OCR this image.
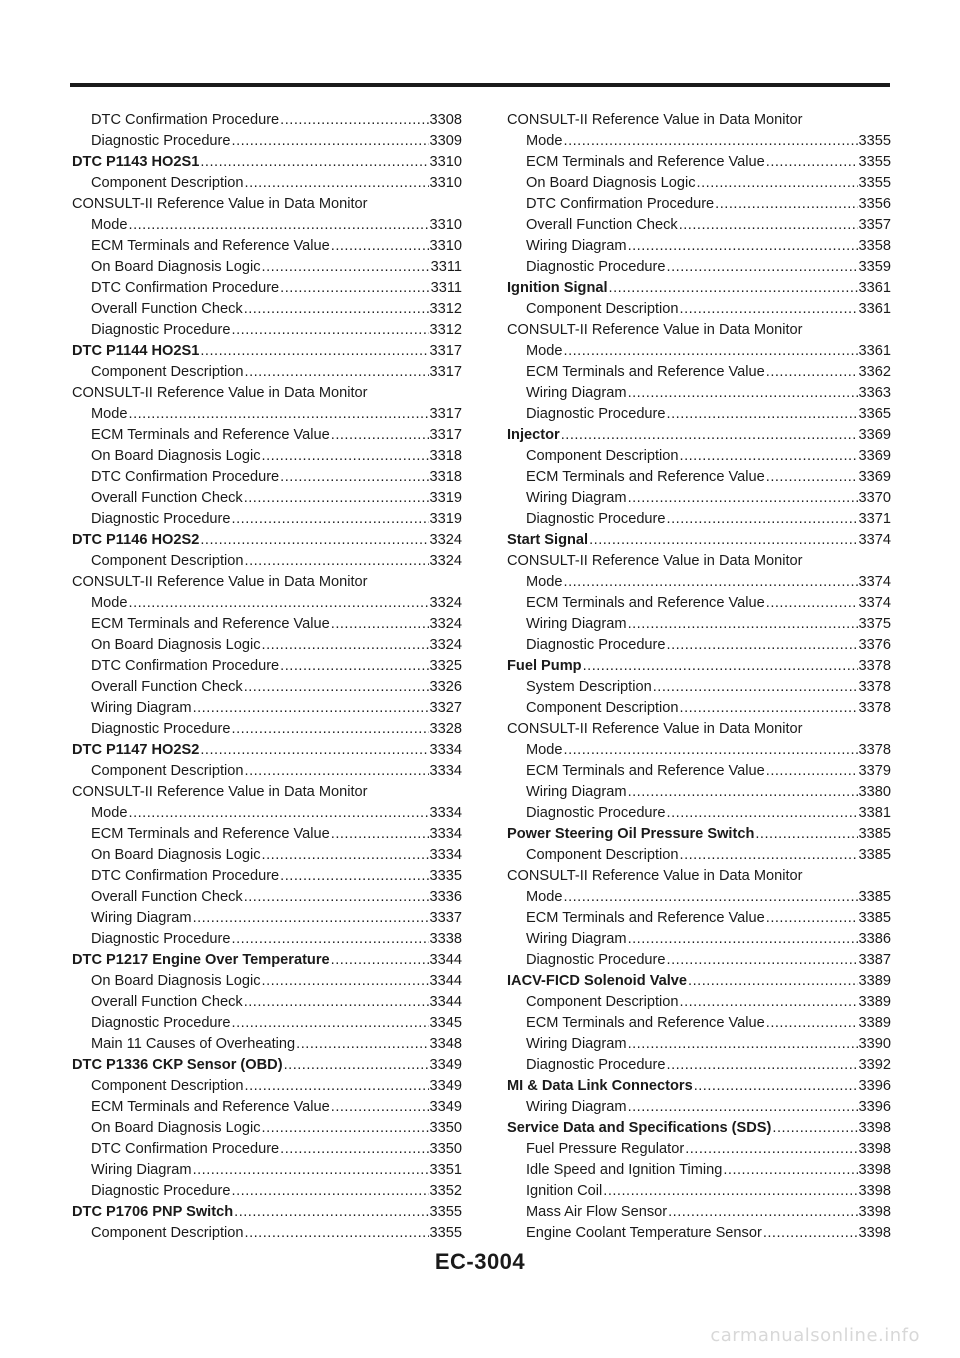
DTC Confirmation Procedure .....	3308
Diagnostic Procedure .....	3309
DTC P1143 HO2S1 .....	3310
Component Description .....	3310
CONSULT-II Reference Value in Data Monitor
Mode .....	3310
ECM Terminals and Reference Value .....	3310
On Board Diagnosis Logic .....	3311
DTC Confirmation Procedure .....	3311
Overall Function Check .....	3312
Diagnostic Procedure .....	3312
DTC P1144 HO2S1 .....	3317
Component Description .....	3317
CONSULT-II Reference Value in Data Monitor
Mode .....	3317
ECM Terminals and Reference Value .....	3317
On Board Diagnosis Logic .....	3318
DTC Confirmation Procedure .....	3318
Overall Function Check .....	3319
Diagnostic Procedure .....	3319
DTC P1146 HO2S2 .....	3324
Component Description .....	3324
CONSULT-II Reference Value in Data Monitor
Mode .....	3324
ECM Terminals and Reference Value .....	3324
On Board Diagnosis Logic .....	3324
DTC Confirmation Procedure .....	3325
Overall Function Check .....	3326
Wiring Diagram .....	3327
Diagnostic Procedure .....	3328
DTC P1147 HO2S2 .....	3334
Component Description .....	3334
CONSULT-II Reference Value in Data Monitor
Mode .....	3334
ECM Terminals and Reference Value .....	3334
On Board Diagnosis Logic .....	3334
DTC Confirmation Procedure .....	3335
Overall Function Check .....	3336
Wiring Diagram .....	3337
Diagnostic Procedure .....	3338
DTC P1217 Engine Over Temperature .....	3344
On Board Diagnosis Logic .....	3344
Overall Function Check .....	3344
Diagnostic Procedure .....	3345
Main 11 Causes of Overheating .....	3348
DTC P1336 CKP Sensor (OBD) .....	3349
Component Description .....	3349
ECM Terminals and Reference Value .....	3349
On Board Diagnosis Logic .....	3350
DTC Confirmation Procedure .....	3350
Wiring Diagram .....	3351
Diagnostic Procedure .....	3352
DTC P1706 PNP Switch .....	3355
Component Description .....	3355
CONSULT-II Reference Value in Data Monitor
Mode .....	3355
ECM Terminals and Reference Value .....	3355
On Board Diagnosis Logic .....	3355
DTC Confirmation Procedure .....	3356
Overall Function Check .....	3357
Wiring Diagram .....	3358
Diagnostic Procedure .....	3359
Ignition Signal .....	3361
Component Description .....	3361
CONSULT-II Reference Value in Data Monitor
Mode .....	3361
ECM Terminals and Reference Value .....	3362
Wiring Diagram .....	3363
Diagnostic Procedure .....	3365
Injector .....	3369
Component Description .....	3369
ECM Terminals and Reference Value .....	3369
Wiring Diagram .....	3370
Diagnostic Procedure .....	3371
Start Signal .....	3374
CONSULT-II Reference Value in Data Monitor
Mode .....	3374
ECM Terminals and Reference Value .....	3374
Wiring Diagram .....	3375
Diagnostic Procedure .....	3376
Fuel Pump .....	3378
System Description .....	3378
Component Description .....	3378
CONSULT-II Reference Value in Data Monitor
Mode .....	3378
ECM Terminals and Reference Value .....	3379
Wiring Diagram .....	3380
Diagnostic Procedure .....	3381
Power Steering Oil Pressure Switch .....	3385
Component Description .....	3385
CONSULT-II Reference Value in Data Monitor
Mode .....	3385
ECM Terminals and Reference Value .....	3385
Wiring Diagram .....	3386
Diagnostic Procedure .....	3387
IACV-FICD Solenoid Valve .....	3389
Component Description .....	3389
ECM Terminals and Reference Value .....	3389
Wiring Diagram .....	3390
Diagnostic Procedure .....	3392
MI & Data Link Connectors .....	3396
Wiring Diagram .....	3396
Service Data and Specifications (SDS) .....	3398
Fuel Pressure Regulator .....	3398
Idle Speed and Ignition Timing .....	3398
Ignition Coil .....	3398
Mass Air Flow Sensor .....	3398
Engine Coolant Temperature Sensor .....	3398
EC-3004
carmanualsonline.info
